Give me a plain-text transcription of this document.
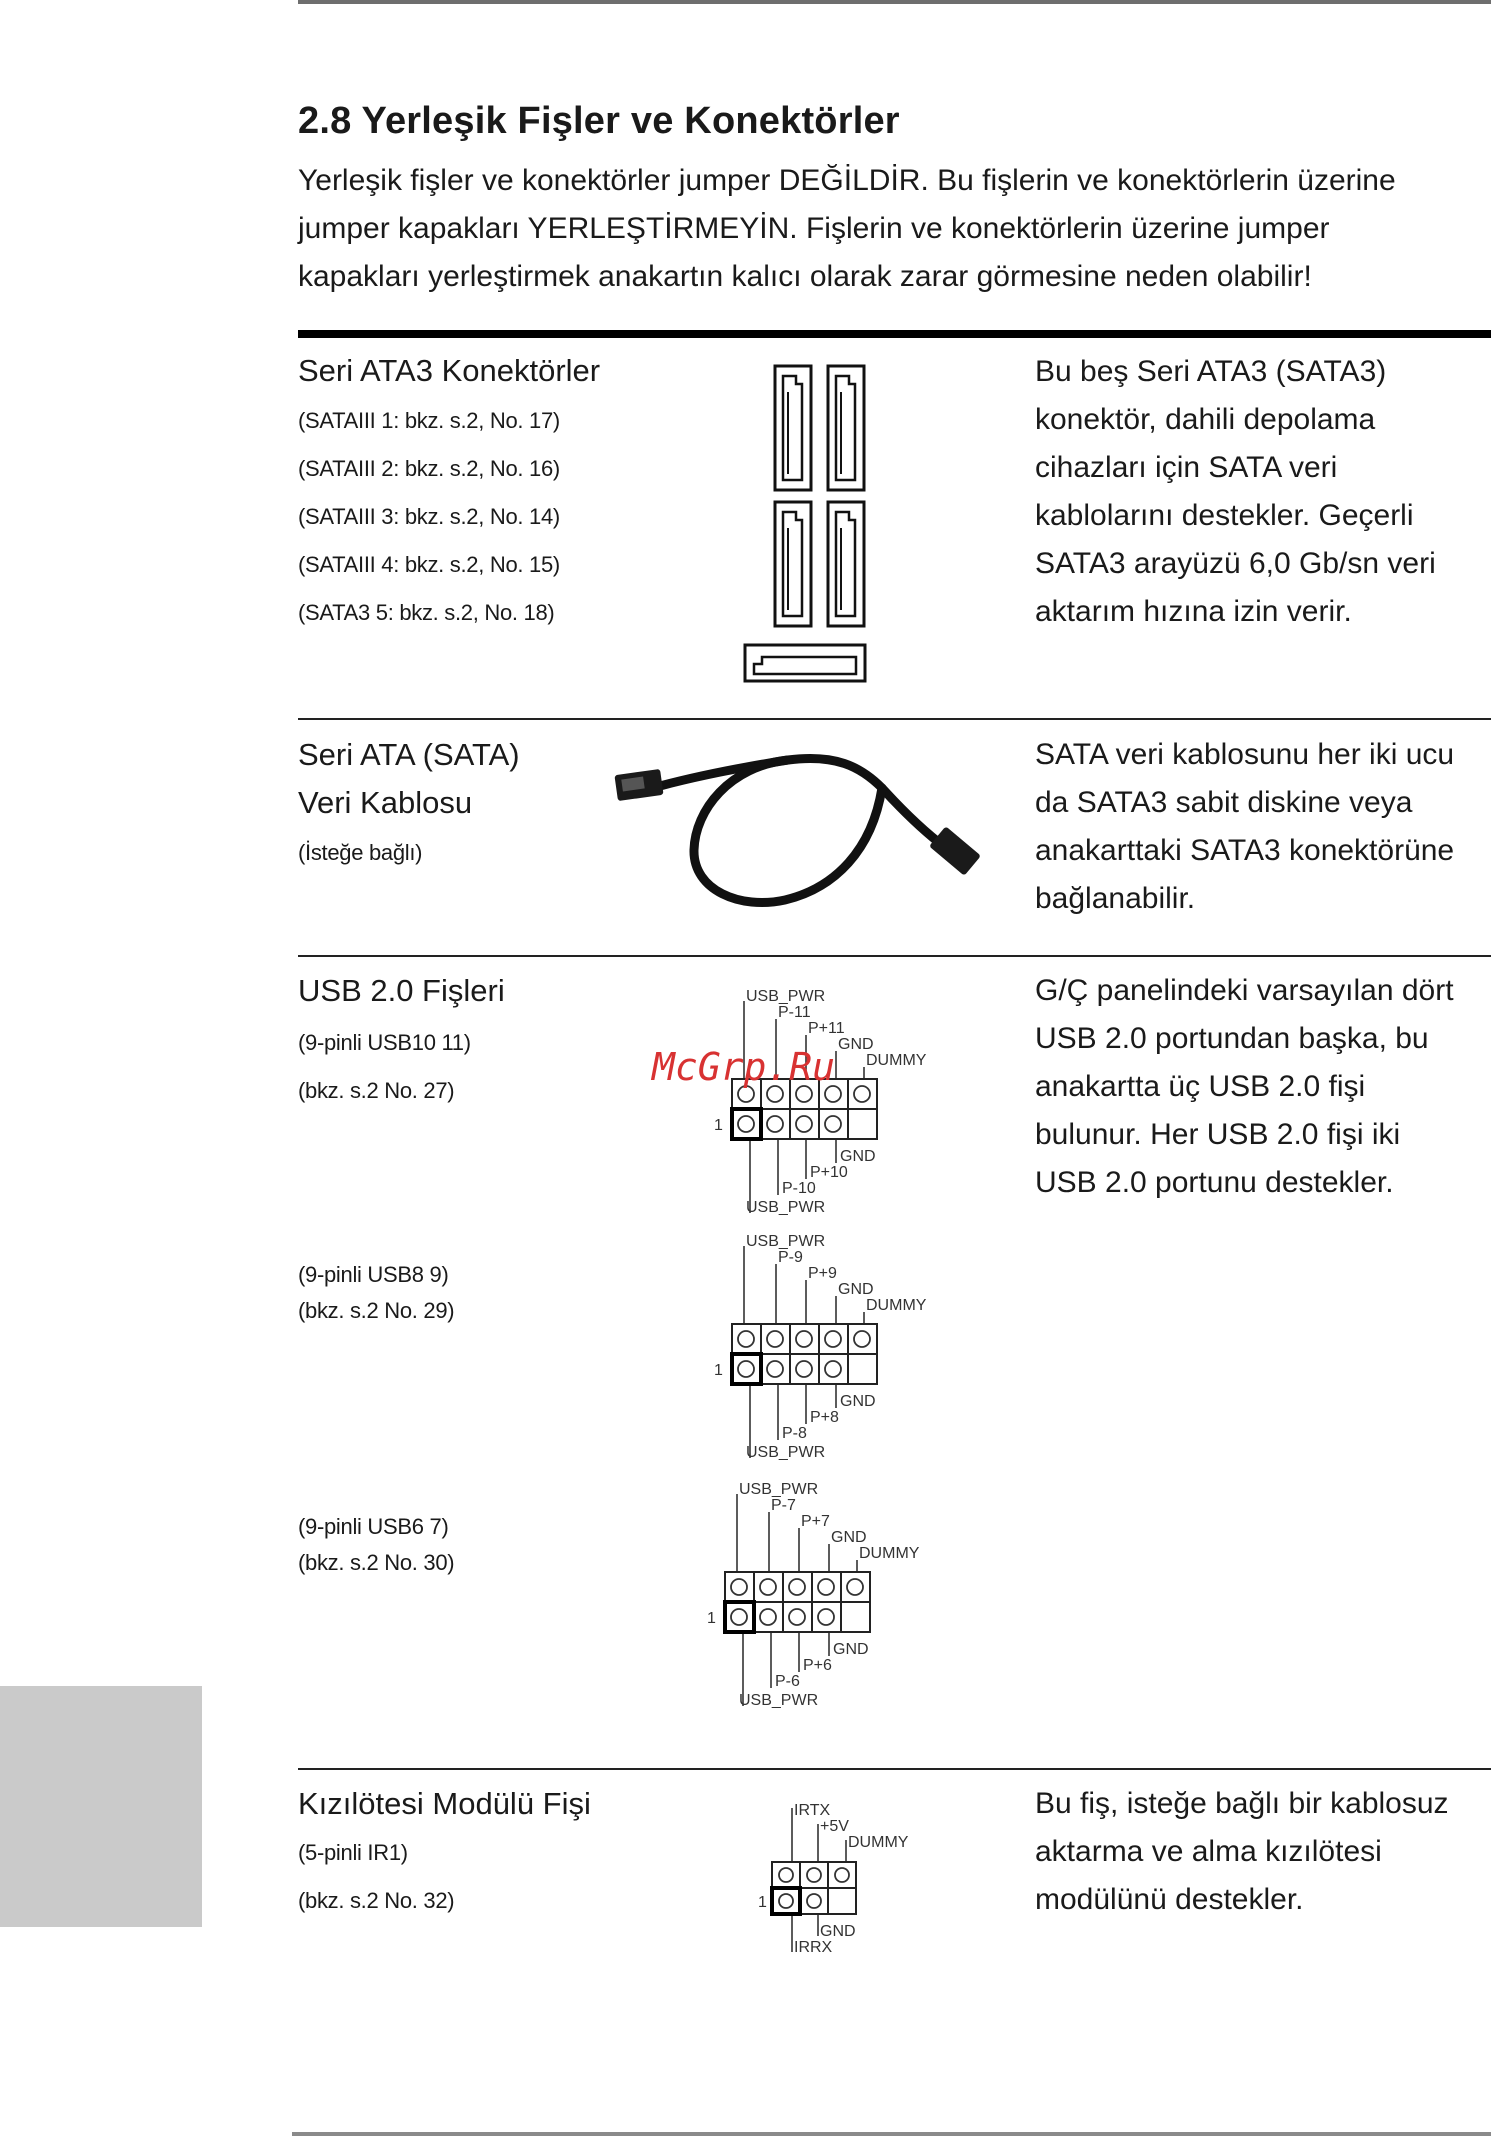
2.8 Yerleşik Fişler ve Konektörler
Yerleşik fişler ve konektörler jumper DEĞİLDİR. Bu fişlerin ve konektörlerin üzerine
jumper kapakları YERLEŞTİRMEYİN. Fişlerin ve konektörlerin üzerine jumper
kapakları yerleştirmek anakartın kalıcı olarak zarar görmesine neden olabilir!
Seri ATA3 Konektörler
(SATAIII 1: bkz. s.2, No. 17)
(SATAIII 2: bkz. s.2, No. 16)
(SATAIII 3: bkz. s.2, No. 14)
(SATAIII 4: bkz. s.2, No. 15)
(SATA3 5: bkz. s.2, No. 18)
Bu beş Seri ATA3 (SATA3)
konektör, dahili depolama
cihazları için SATA veri
kablolarını destekler. Geçerli
SATA3 arayüzü 6,0 Gb/sn veri
aktarım hızına izin verir.
Seri ATA (SATA)
Veri Kablosu
(İsteğe bağlı)
SATA veri kablosunu her iki ucu
da SATA3 sabit diskine veya
anakarttaki SATA3 konektörüne
bağlanabilir.
USB 2.0 Fişleri
(9-pinli USB10 11)
(bkz. s.2 No. 27)
(9-pinli USB8 9)
(bkz. s.2 No. 29)
(9-pinli USB6 7)
(bkz. s.2 No. 30)
USB_PWR
P-11
P+11
GND
DUMMY
1
GND
P+10
P-10
USB_PWR
USB_PWR
P-9
P+9
GND
DUMMY
1
GND
P+8
P-8
USB_PWR
USB_PWR
P-7
P+7
GND
DUMMY
1
GND
P+6
P-6
USB_PWR
McGrp.Ru
G/Ç panelindeki varsayılan dört
USB 2.0 portundan başka, bu
anakartta üç USB 2.0 fişi
bulunur. Her USB 2.0 fişi iki
USB 2.0 portunu destekler.
Kızılötesi Modülü Fişi
(5-pinli IR1)
(bkz. s.2 No. 32)
IRTX
+5V
DUMMY
1
GND
IRRX
Bu fiş, isteğe bağlı bir kablosuz
aktarma ve alma kızılötesi
modülünü destekler.
